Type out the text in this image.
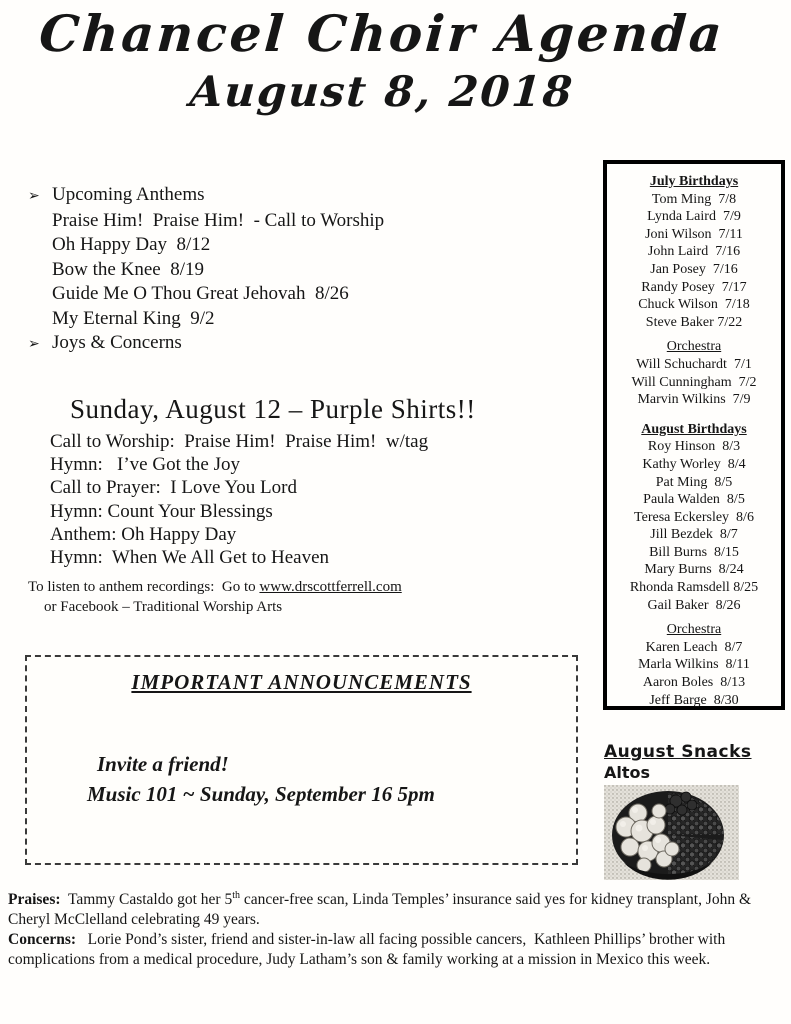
Chancel Choir Agenda
August 8, 2018
July Birthdays
Tom Ming  7/8
Lynda Laird  7/9
Joni Wilson  7/11
John Laird  7/16
Jan Posey  7/16
Randy Posey  7/17
Chuck Wilson  7/18
Steve Baker 7/22
Orchestra
Will Schuchardt  7/1
Will Cunningham  7/2
Marvin Wilkins  7/9
August Birthdays
Roy Hinson  8/3
Kathy Worley  8/4
Pat Ming  8/5
Paula Walden  8/5
Teresa Eckersley  8/6
Jill Bezdek  8/7
Bill Burns  8/15
Mary Burns  8/24
Rhonda Ramsdell 8/25
Gail Baker  8/26
Orchestra
Karen Leach  8/7
Marla Wilkins  8/11
Aaron Boles  8/13
Jeff Barge  8/30
➢ Upcoming Anthems
Praise Him!  Praise Him!  - Call to Worship
Oh Happy Day  8/12
Bow the Knee  8/19
Guide Me O Thou Great Jehovah  8/26
My Eternal King  9/2
➢ Joys & Concerns
Sunday, August 12 – Purple Shirts!!
Call to Worship:  Praise Him!  Praise Him!  w/tag
Hymn:   I’ve Got the Joy
Call to Prayer:  I Love You Lord
Hymn: Count Your Blessings
Anthem: Oh Happy Day
Hymn:  When We All Get to Heaven
To listen to anthem recordings:  Go to www.drscottferrell.com
or Facebook – Traditional Worship Arts
IMPORTANT ANNOUNCEMENTS
Invite a friend!
Music 101 ~ Sunday, September 16 5pm
August Snacks
Altos

Praises:  Tammy Castaldo got her 5th cancer-free scan, Linda Temples’ insurance said yes for kidney transplant, John & Cheryl McClelland celebrating 49 years.

Concerns:   Lorie Pond’s sister, friend and sister-in-law all facing possible cancers,  Kathleen Phillips’ brother with complications from a medical procedure, Judy Latham’s son & family working at a mission in Mexico this week.
